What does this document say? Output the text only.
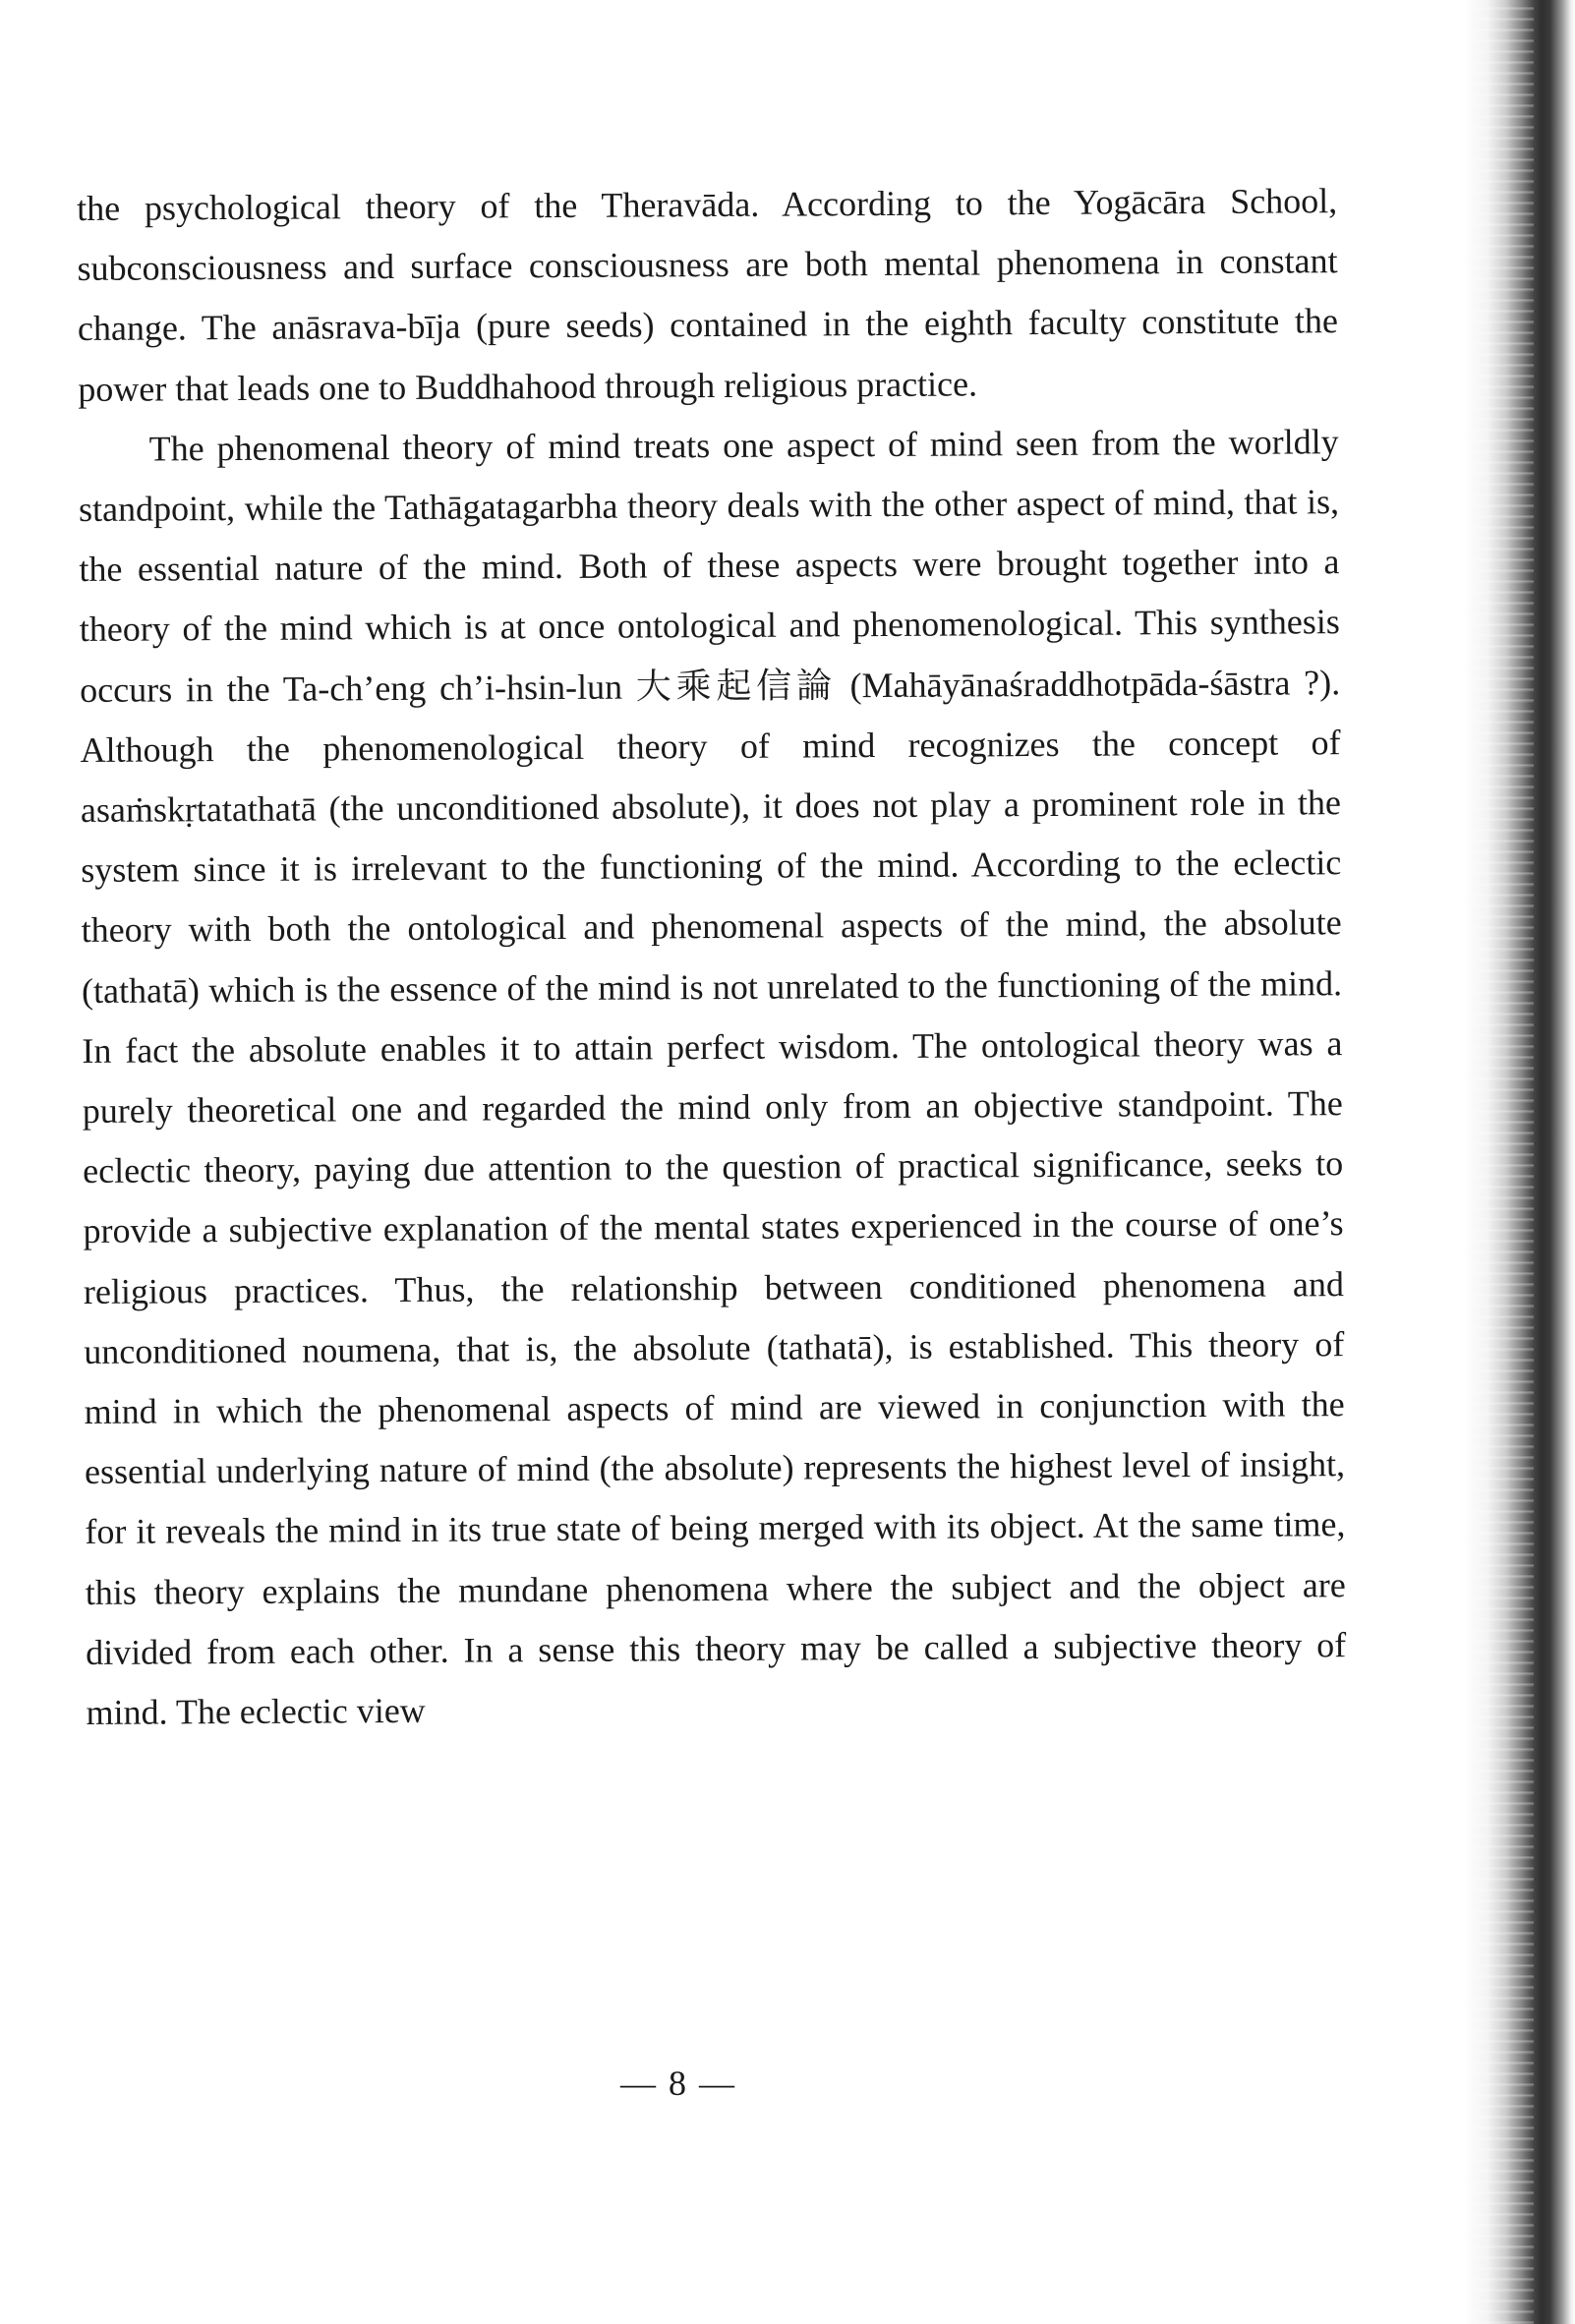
the psychological theory of the Theravāda. According to the Yogācāra School, subconsciousness and surface consciousness are both mental phenomena in constant change. The anāsrava-bīja (pure seeds) contained in the eighth faculty constitute the power that leads one to Buddhahood through religious practice.

The phenomenal theory of mind treats one aspect of mind seen from the worldly standpoint, while the Tathāgatagarbha theory deals with the other aspect of mind, that is, the essential nature of the mind. Both of these aspects were brought together into a theory of the mind which is at once ontological and phenomenological. This synthesis occurs in the Ta-ch’eng ch’i-hsin-lun 大乘起信論 (Mahāyānaśraddhotpāda-śāstra ?). Although the phenomenological theory of mind recognizes the concept of asaṁskṛtatathatā (the unconditioned absolute), it does not play a prominent role in the system since it is irrelevant to the functioning of the mind. According to the eclectic theory with both the ontological and phenomenal aspects of the mind, the absolute (tathatā) which is the essence of the mind is not unrelated to the functioning of the mind. In fact the absolute enables it to attain perfect wisdom. The ontological theory was a purely theoretical one and regarded the mind only from an objective standpoint. The eclectic theory, paying due attention to the question of practical significance, seeks to provide a subjective explanation of the mental states experienced in the course of one’s religious practices. Thus, the relationship between conditioned phenomena and unconditioned noumena, that is, the absolute (tathatā), is established. This theory of mind in which the phenomenal aspects of mind are viewed in conjunction with the essential underlying nature of mind (the absolute) represents the highest level of insight, for it reveals the mind in its true state of being merged with its object. At the same time, this theory explains the mundane phenomena where the subject and the object are divided from each other. In a sense this theory may be called a subjective theory of mind. The eclectic view

— 8 —
